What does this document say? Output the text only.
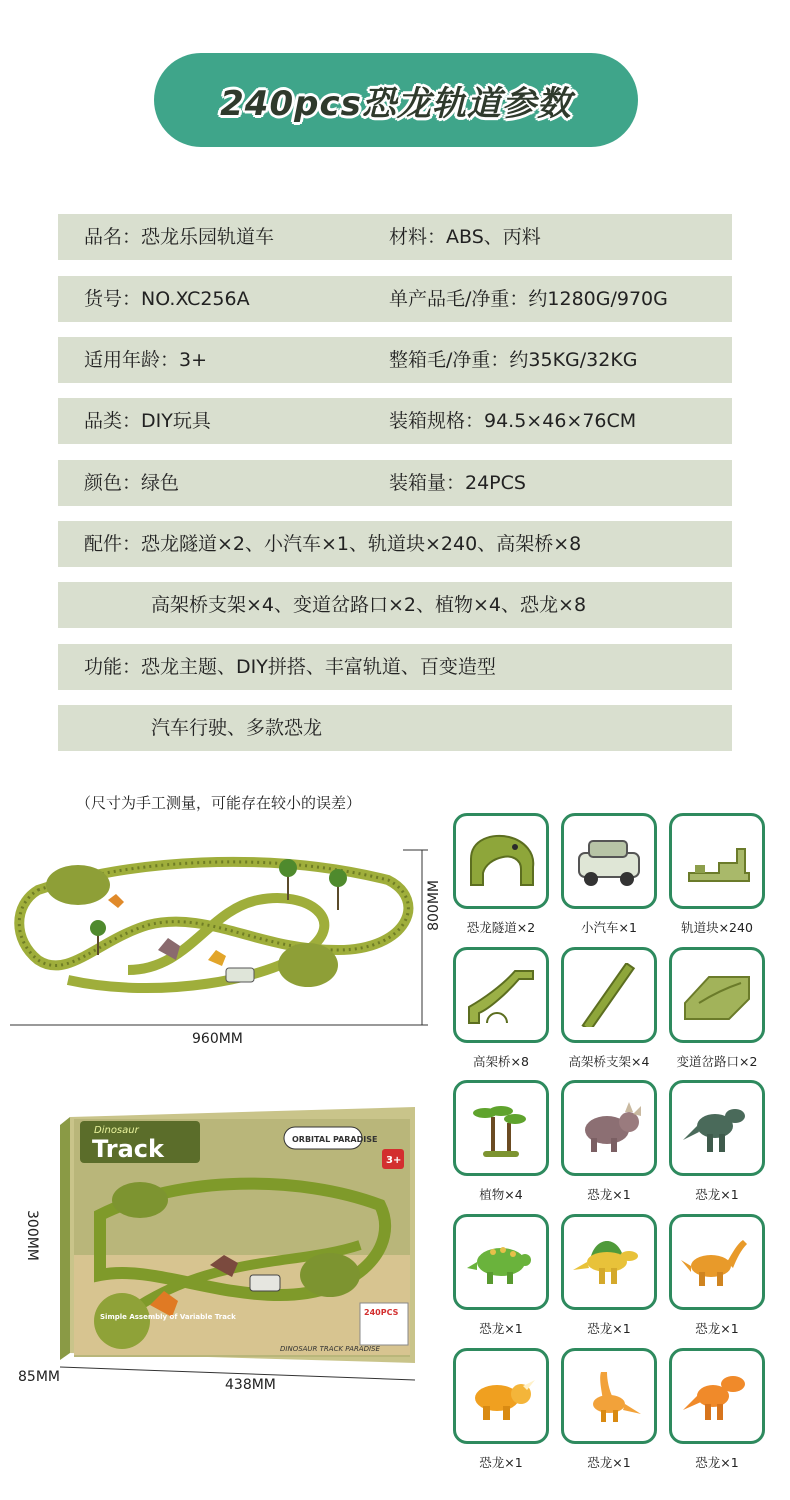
240pcs恐龙轨道参数
品名：恐龙乐园轨道车	材料：ABS、丙料
货号：NO.XC256A	单产品毛/净重：约1280G/970G
适用年龄：3+	整箱毛/净重：约35KG/32KG
品类：DIY玩具	装箱规格：94.5×46×76CM
颜色：绿色	装箱量：24PCS
配件：恐龙隧道×2、小汽车×1、轨道块×240、高架桥×8
高架桥支架×4、变道岔路口×2、植物×4、恐龙×8
功能：恐龙主题、DIY拼搭、丰富轨道、百变造型
汽车行驶、多款恐龙
（尺寸为手工测量，可能存在较小的误差）
960MM
800MM
Dinosaur
Track	ORBITAL PARADISE
3+
Simple Assembly of Variable Track	240PCS
DINOSAUR TRACK PARADISE
300MM
85MM	438MM
恐龙隧道×2	小汽车×1	轨道块×240
高架桥×8	高架桥支架×4	变道岔路口×2
植物×4	恐龙×1	恐龙×1
恐龙×1	恐龙×1	恐龙×1
恐龙×1	恐龙×1	恐龙×1
